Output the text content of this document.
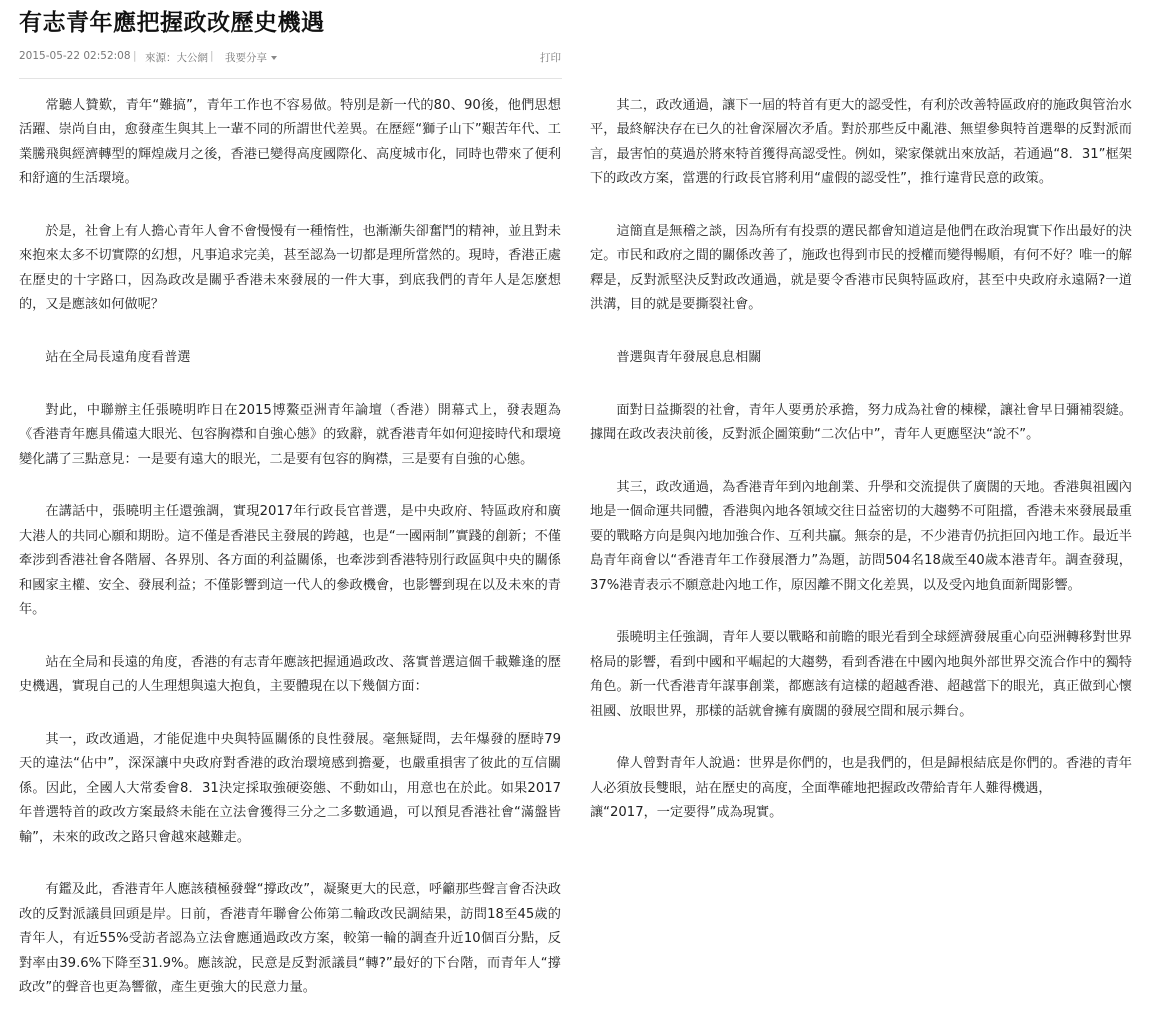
有志青年應把握政改歷史機遇
2015-05-22 02:52:08 | 來源：大公網 | 我要分享	打印

常聽人贊歎，青年“難搞”，青年工作也不容易做。特別是新一代的80、90後，他們思想活躍、崇尚自由，愈發產生與其上一輩不同的所謂世代差異。在歷經“獅子山下”艱苦年代、工業騰飛與經濟轉型的輝煌歲月之後，香港已變得高度國際化、高度城市化，同時也帶來了便利和舒適的生活環境。

於是，社會上有人擔心青年人會不會慢慢有一種惰性，也漸漸失卻奮鬥的精神，並且對未來抱來太多不切實際的幻想，凡事追求完美，甚至認為一切都是理所當然的。現時，香港正處在歷史的十字路口，因為政改是關乎香港未來發展的一件大事，到底我們的青年人是怎麼想的，又是應該如何做呢？

站在全局長遠角度看普選

對此，中聯辦主任張曉明昨日在2015博鰲亞洲青年論壇（香港）開幕式上，發表題為《香港青年應具備遠大眼光、包容胸襟和自強心態》的致辭，就香港青年如何迎接時代和環境變化講了三點意見：一是要有遠大的眼光，二是要有包容的胸襟，三是要有自強的心態。

在講話中，張曉明主任還強調，實現2017年行政長官普選，是中央政府、特區政府和廣大港人的共同心願和期盼。這不僅是香港民主發展的跨越，也是“一國兩制”實踐的創新；不僅牽涉到香港社會各階層、各界別、各方面的利益關係，也牽涉到香港特別行政區與中央的關係和國家主權、安全、發展利益；不僅影響到這一代人的參政機會，也影響到現在以及未來的青年。

站在全局和長遠的角度，香港的有志青年應該把握通過政改、落實普選這個千載難逢的歷史機遇，實現自己的人生理想與遠大抱負，主要體現在以下幾個方面：

其一，政改通過，才能促進中央與特區關係的良性發展。毫無疑問，去年爆發的歷時79天的違法“佔中”，深深讓中央政府對香港的政治環境感到擔憂，也嚴重損害了彼此的互信關係。因此，全國人大常委會8．31決定採取強硬姿態、不動如山，用意也在於此。如果2017年普選特首的政改方案最終未能在立法會獲得三分之二多數通過，可以預見香港社會“滿盤皆輸”，未來的政改之路只會越來越難走。

有鑑及此，香港青年人應該積極發聲“撐政改”，凝聚更大的民意，呼籲那些聲言會否決政改的反對派議員回頭是岸。日前，香港青年聯會公佈第二輪政改民調結果，訪問18至45歲的青年人，有近55%受訪者認為立法會應通過政改方案，較第一輪的調查升近10個百分點，反對率由39.6%下降至31.9%。應該說，民意是反對派議員“轉?”最好的下台階，而青年人“撐政改”的聲音也更為響徹，產生更強大的民意力量。

其二，政改通過，讓下一屆的特首有更大的認受性，有利於改善特區政府的施政與管治水平，最終解決存在已久的社會深層次矛盾。對於那些反中亂港、無望參與特首選舉的反對派而言，最害怕的莫過於將來特首獲得高認受性。例如，梁家傑就出來放話，若通過“8．31”框架下的政改方案，當選的行政長官將利用“虛假的認受性”，推行違背民意的政策。

這簡直是無稽之談，因為所有有投票的選民都會知道這是他們在政治現實下作出最好的決定。市民和政府之間的關係改善了，施政也得到市民的授權而變得暢順，有何不好？唯一的解釋是，反對派堅決反對政改通過，就是要令香港市民與特區政府，甚至中央政府永遠隔?一道洪溝，目的就是要撕裂社會。

普選與青年發展息息相關

面對日益撕裂的社會，青年人要勇於承擔，努力成為社會的棟樑，讓社會早日彌補裂縫。據聞在政改表決前後，反對派企圖策動“二次佔中”，青年人更應堅決“說不”。

其三，政改通過，為香港青年到內地創業、升學和交流提供了廣闊的天地。香港與祖國內地是一個命運共同體，香港與內地各領域交往日益密切的大趨勢不可阻擋，香港未來發展最重要的戰略方向是與內地加強合作、互利共贏。無奈的是，不少港青仍抗拒回內地工作。最近半島青年商會以“香港青年工作發展潛力”為題，訪問504名18歲至40歲本港青年。調查發現，37%港青表示不願意赴內地工作，原因離不開文化差異，以及受內地負面新聞影響。

張曉明主任強調，青年人要以戰略和前瞻的眼光看到全球經濟發展重心向亞洲轉移對世界格局的影響，看到中國和平崛起的大趨勢，看到香港在中國內地與外部世界交流合作中的獨特角色。新一代香港青年謀事創業，都應該有這樣的超越香港、超越當下的眼光，真正做到心懷祖國、放眼世界，那樣的話就會擁有廣闊的發展空間和展示舞台。

偉人曾對青年人說過：世界是你們的，也是我們的，但是歸根結底是你們的。香港的青年人必須放長雙眼，站在歷史的高度，全面準確地把握政改帶給青年人難得機遇，

讓“2017，一定要得”成為現實。
